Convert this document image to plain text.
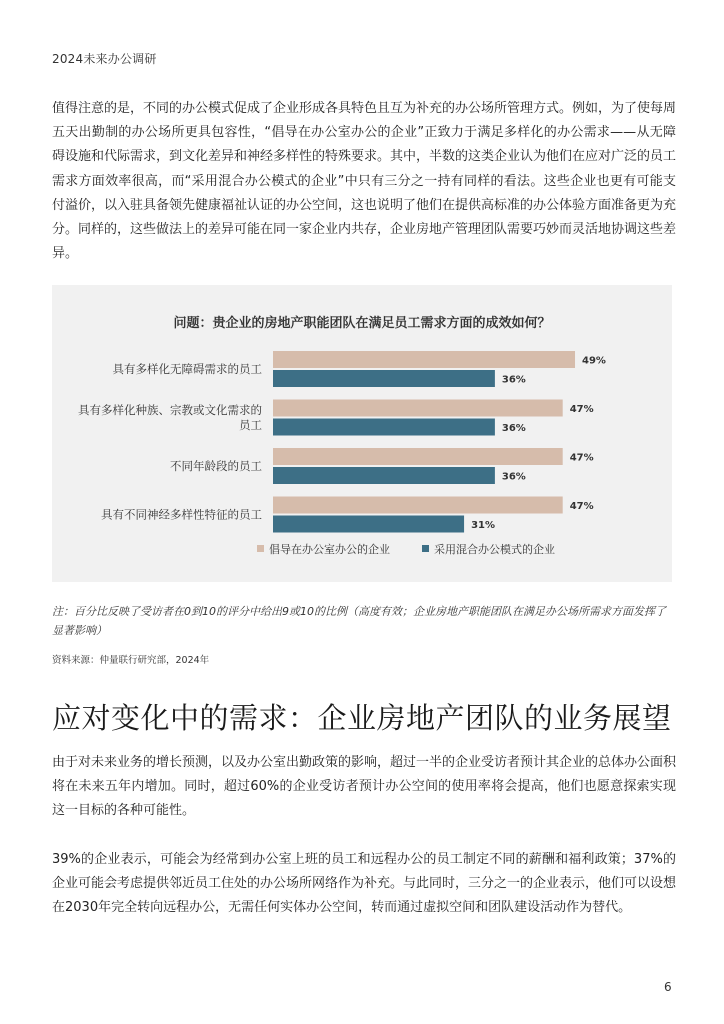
2024未来办公调研

值得注意的是，不同的办公模式促成了企业形成各具特色且互为补充的办公场所管理方式。例如，为了使每周五天出勤制的办公场所更具包容性，“倡导在办公室办公的企业”正致力于满足多样化的办公需求——从无障碍设施和代际需求，到文化差异和神经多样性的特殊要求。其中，半数的这类企业认为他们在应对广泛的员工需求方面效率很高，而“采用混合办公模式的企业”中只有三分之一持有同样的看法。这些企业也更有可能支付溢价，以入驻具备领先健康福祉认证的办公空间，这也说明了他们在提供高标准的办公体验方面准备更为充分。同样的，这些做法上的差异可能在同一家企业内共存，企业房地产管理团队需要巧妙而灵活地协调这些差异。

问题：贵企业的房地产职能团队在满足员工需求方面的成效如何？
具有多样化无障碍需求的员工
49%
36%
具有多样化种族、宗教或文化需求的
员工
47%
36%
不同年龄段的员工
47%
36%
具有不同神经多样性特征的员工
47%
31%
倡导在办公室办公的企业	采用混合办公模式的企业

注：百分比反映了受访者在0到10的评分中给出9或10的比例（高度有效；企业房地产职能团队在满足办公场所需求方面发挥了显著影响）

资料来源：仲量联行研究部，2024年
应对变化中的需求：企业房地产团队的业务展望

由于对未来业务的增长预测，以及办公室出勤政策的影响，超过一半的企业受访者预计其企业的总体办公面积将在未来五年内增加。同时，超过60%的企业受访者预计办公空间的使用率将会提高，他们也愿意探索实现这一目标的各种可能性。

39%的企业表示，可能会为经常到办公室上班的员工和远程办公的员工制定不同的薪酬和福利政策；37%的企业可能会考虑提供邻近员工住处的办公场所网络作为补充。与此同时，三分之一的企业表示，他们可以设想在2030年完全转向远程办公，无需任何实体办公空间，转而通过虚拟空间和团队建设活动作为替代。

6
